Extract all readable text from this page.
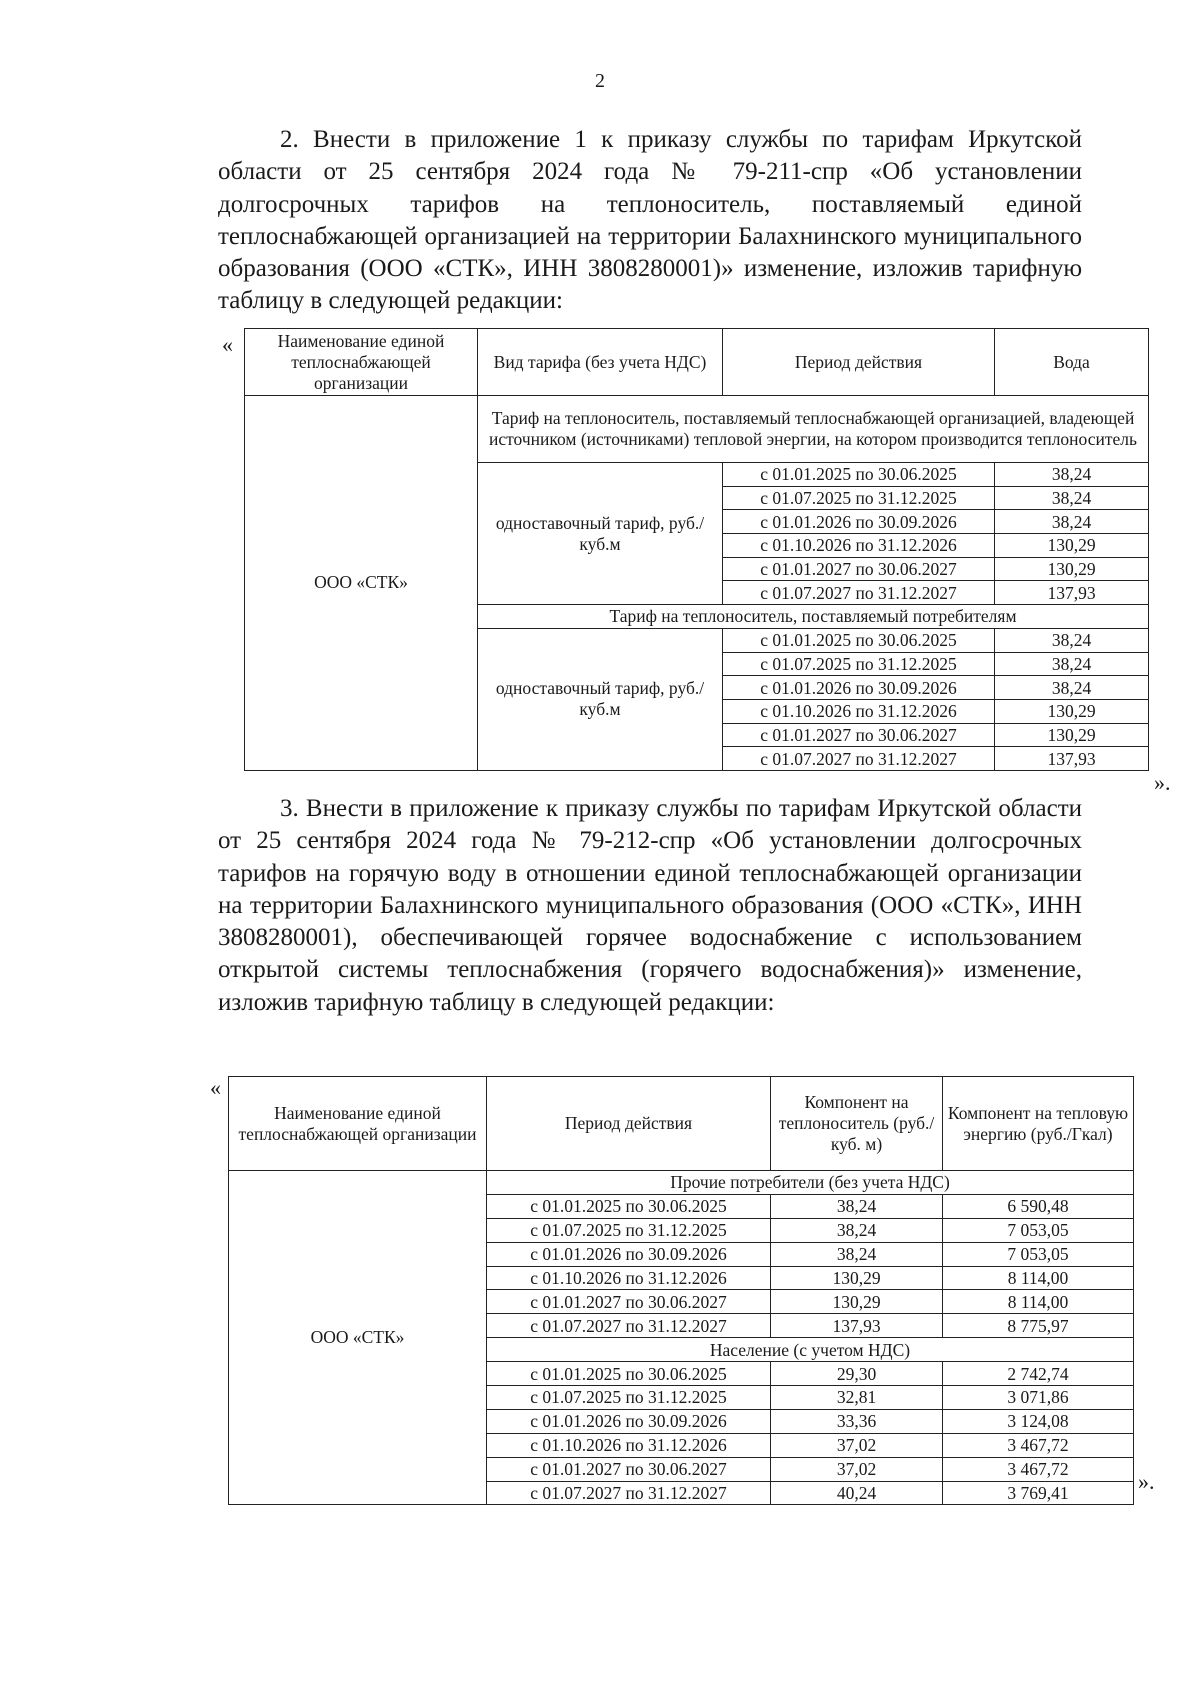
2
2. Внести в приложение 1 к приказу службы по тарифам Иркутской области от 25 сентября 2024 года № 79-211-спр «Об установлении долгосрочных тарифов на теплоноситель, поставляемый единой теплоснабжающей организацией на территории Балахнинского муниципального образования (ООО «СТК», ИНН 3808280001)» изменение, изложив тарифную таблицу в следующей редакции:
«	Наименование единой теплоснабжающей организации	Вид тарифа (без учета НДС)	Период действия	Вода
ООО «СТК»	Тариф на теплоноситель, поставляемый теплоснабжающей организацией, владеющей источником (источниками) тепловой энергии, на котором производится теплоноситель		
	одноставочный тариф, руб./куб.м	с 01.01.2025 по 30.06.2025	38,24
		с 01.07.2025 по 31.12.2025	38,24
		с 01.01.2026 по 30.09.2026	38,24
		с 01.10.2026 по 31.12.2026	130,29
		с 01.01.2027 по 30.06.2027	130,29
		с 01.07.2027 по 31.12.2027	137,93
	Тариф на теплоноситель, поставляемый потребителям		
	одноставочный тариф, руб./куб.м	с 01.01.2025 по 30.06.2025	38,24
		с 01.07.2025 по 31.12.2025	38,24
		с 01.01.2026 по 30.09.2026	38,24
		с 01.10.2026 по 31.12.2026	130,29
		с 01.01.2027 по 30.06.2027	130,29
		с 01.07.2027 по 31.12.2027	137,93
».
3. Внести в приложение к приказу службы по тарифам Иркутской области от 25 сентября 2024 года № 79-212-спр «Об установлении долгосрочных тарифов на горячую воду в отношении единой теплоснабжающей организации на территории Балахнинского муниципального образования (ООО «СТК», ИНН 3808280001), обеспечивающей горячее водоснабжение с использованием открытой системы теплоснабжения (горячего водоснабжения)» изменение, изложив тарифную таблицу в следующей редакции:
«
Наименование единой теплоснабжающей организации	Период действия	Компонент на теплоноситель (руб./куб. м)	Компонент на тепловую энергию (руб./Гкал)
ООО «СТК»	Прочие потребители (без учета НДС)		
	с 01.01.2025 по 30.06.2025	38,24	6 590,48
	с 01.07.2025 по 31.12.2025	38,24	7 053,05
	с 01.01.2026 по 30.09.2026	38,24	7 053,05
	с 01.10.2026 по 31.12.2026	130,29	8 114,00
	с 01.01.2027 по 30.06.2027	130,29	8 114,00
	с 01.07.2027 по 31.12.2027	137,93	8 775,97
	Население (с учетом НДС)		
	с 01.01.2025 по 30.06.2025	29,30	2 742,74
	с 01.07.2025 по 31.12.2025	32,81	3 071,86
	с 01.01.2026 по 30.09.2026	33,36	3 124,08
	с 01.10.2026 по 31.12.2026	37,02	3 467,72
	с 01.01.2027 по 30.06.2027	37,02	3 467,72
	с 01.07.2027 по 31.12.2027	40,24	3 769,41	».
